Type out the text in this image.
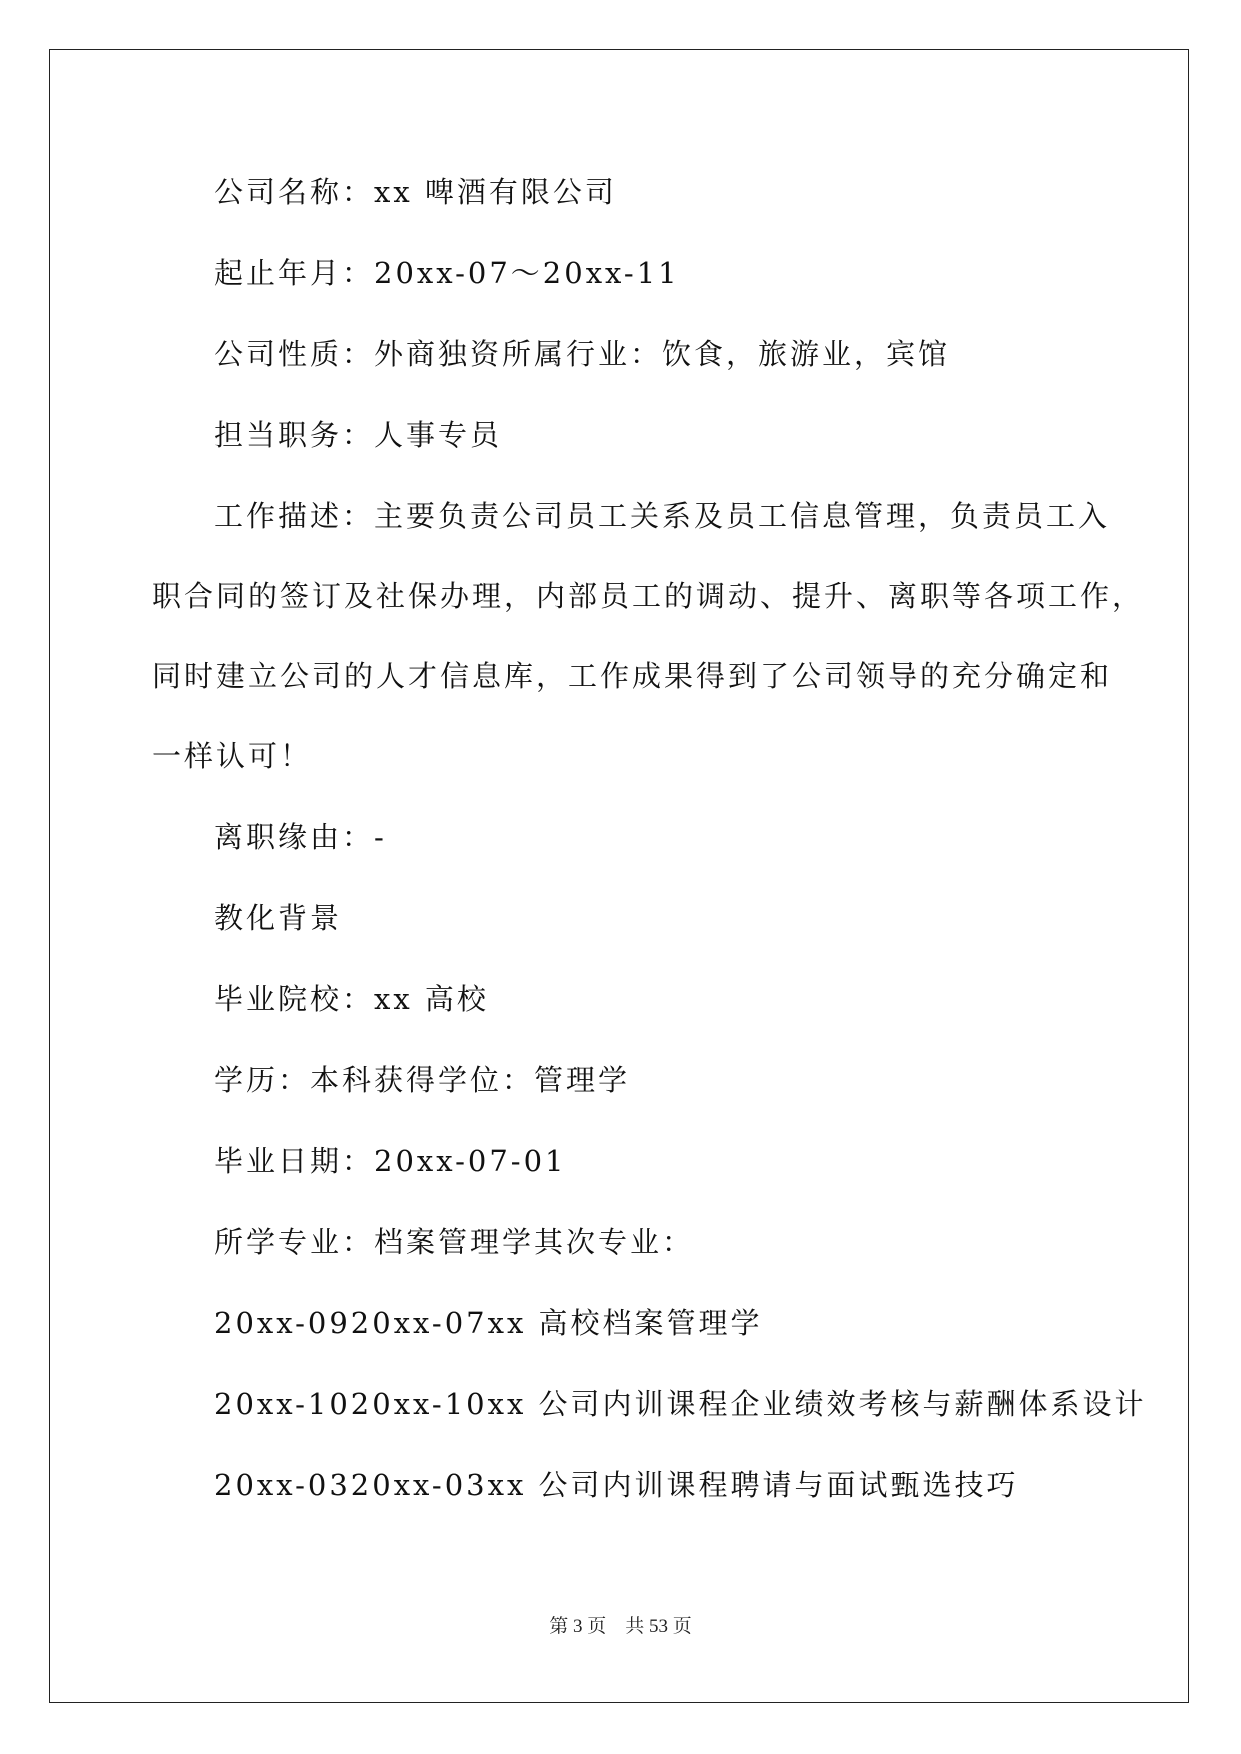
公司名称：xx 啤酒有限公司
起止年月：20xx-07～20xx-11
公司性质：外商独资所属行业：饮食，旅游业，宾馆
担当职务：人事专员
工作描述：主要负责公司员工关系及员工信息管理，负责员工入
职合同的签订及社保办理，内部员工的调动、提升、离职等各项工作，
同时建立公司的人才信息库，工作成果得到了公司领导的充分确定和
一样认可！
离职缘由：-
教化背景
毕业院校：xx 高校
学历：本科获得学位：管理学
毕业日期：20xx-07-01
所学专业：档案管理学其次专业：
20xx-0920xx-07xx 高校档案管理学
20xx-1020xx-10xx 公司内训课程企业绩效考核与薪酬体系设计
20xx-0320xx-03xx 公司内训课程聘请与面试甄选技巧
第 3 页 共 53 页
